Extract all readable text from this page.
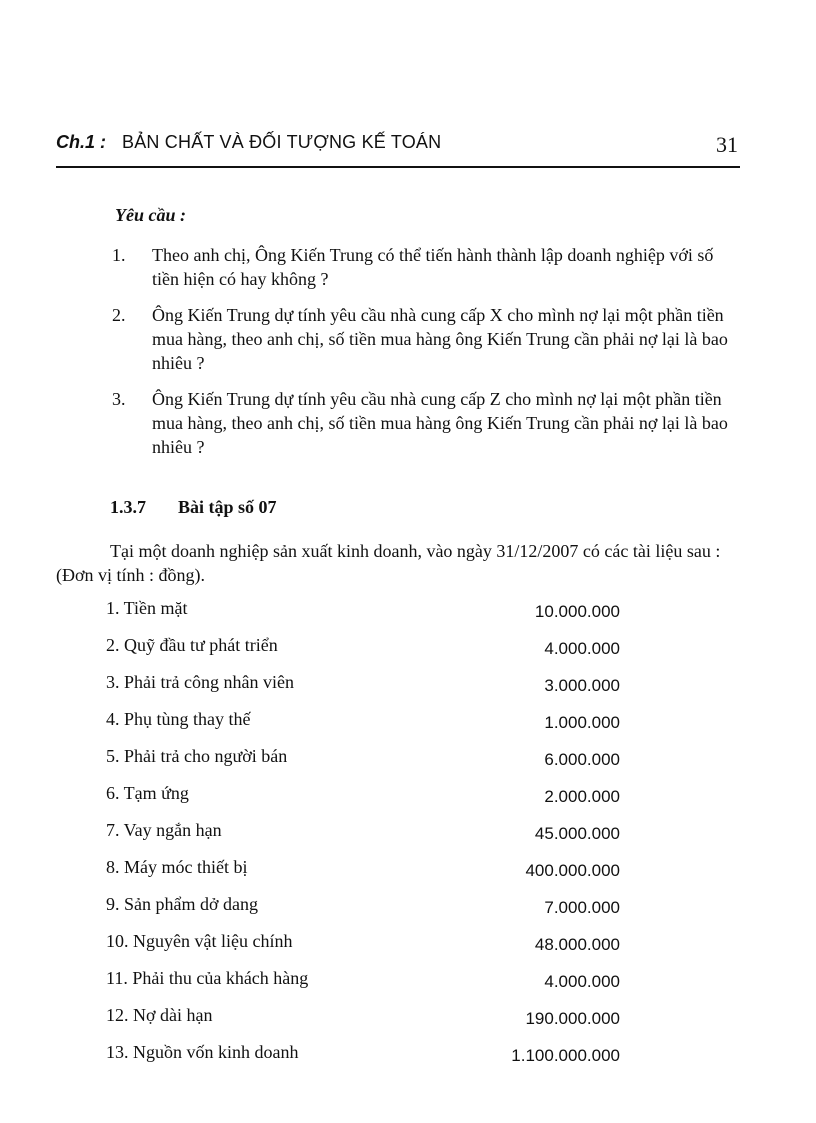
Ch.1 : BẢN CHẤT VÀ ĐỐI TƯỢNG KẾ TOÁN	31
Yêu cầu :
1. Theo anh chị, Ông Kiến Trung có thể tiến hành thành lập doanh nghiệp với số tiền hiện có hay không ?
2. Ông Kiến Trung dự tính yêu cầu nhà cung cấp X cho mình nợ lại một phần tiền mua hàng, theo anh chị, số tiền mua hàng ông Kiến Trung cần phải nợ lại là bao nhiêu ?
3. Ông Kiến Trung dự tính yêu cầu nhà cung cấp Z cho mình nợ lại một phần tiền mua hàng, theo anh chị, số tiền mua hàng ông Kiến Trung cần phải nợ lại là bao nhiêu ?
1.3.7 Bài tập số 07
Tại một doanh nghiệp sản xuất kinh doanh, vào ngày 31/12/2007 có các tài liệu sau : (Đơn vị tính : đồng).
1. Tiền mặt	10.000.000
2. Quỹ đầu tư phát triển	4.000.000
3. Phải trả công nhân viên	3.000.000
4. Phụ tùng thay thế	1.000.000
5. Phải trả cho người bán	6.000.000
6. Tạm ứng	2.000.000
7. Vay ngắn hạn	45.000.000
8. Máy móc thiết bị	400.000.000
9. Sản phẩm dở dang	7.000.000
10. Nguyên vật liệu chính	48.000.000
11. Phải thu của khách hàng	4.000.000
12. Nợ dài hạn	190.000.000
13. Nguồn vốn kinh doanh	1.100.000.000
